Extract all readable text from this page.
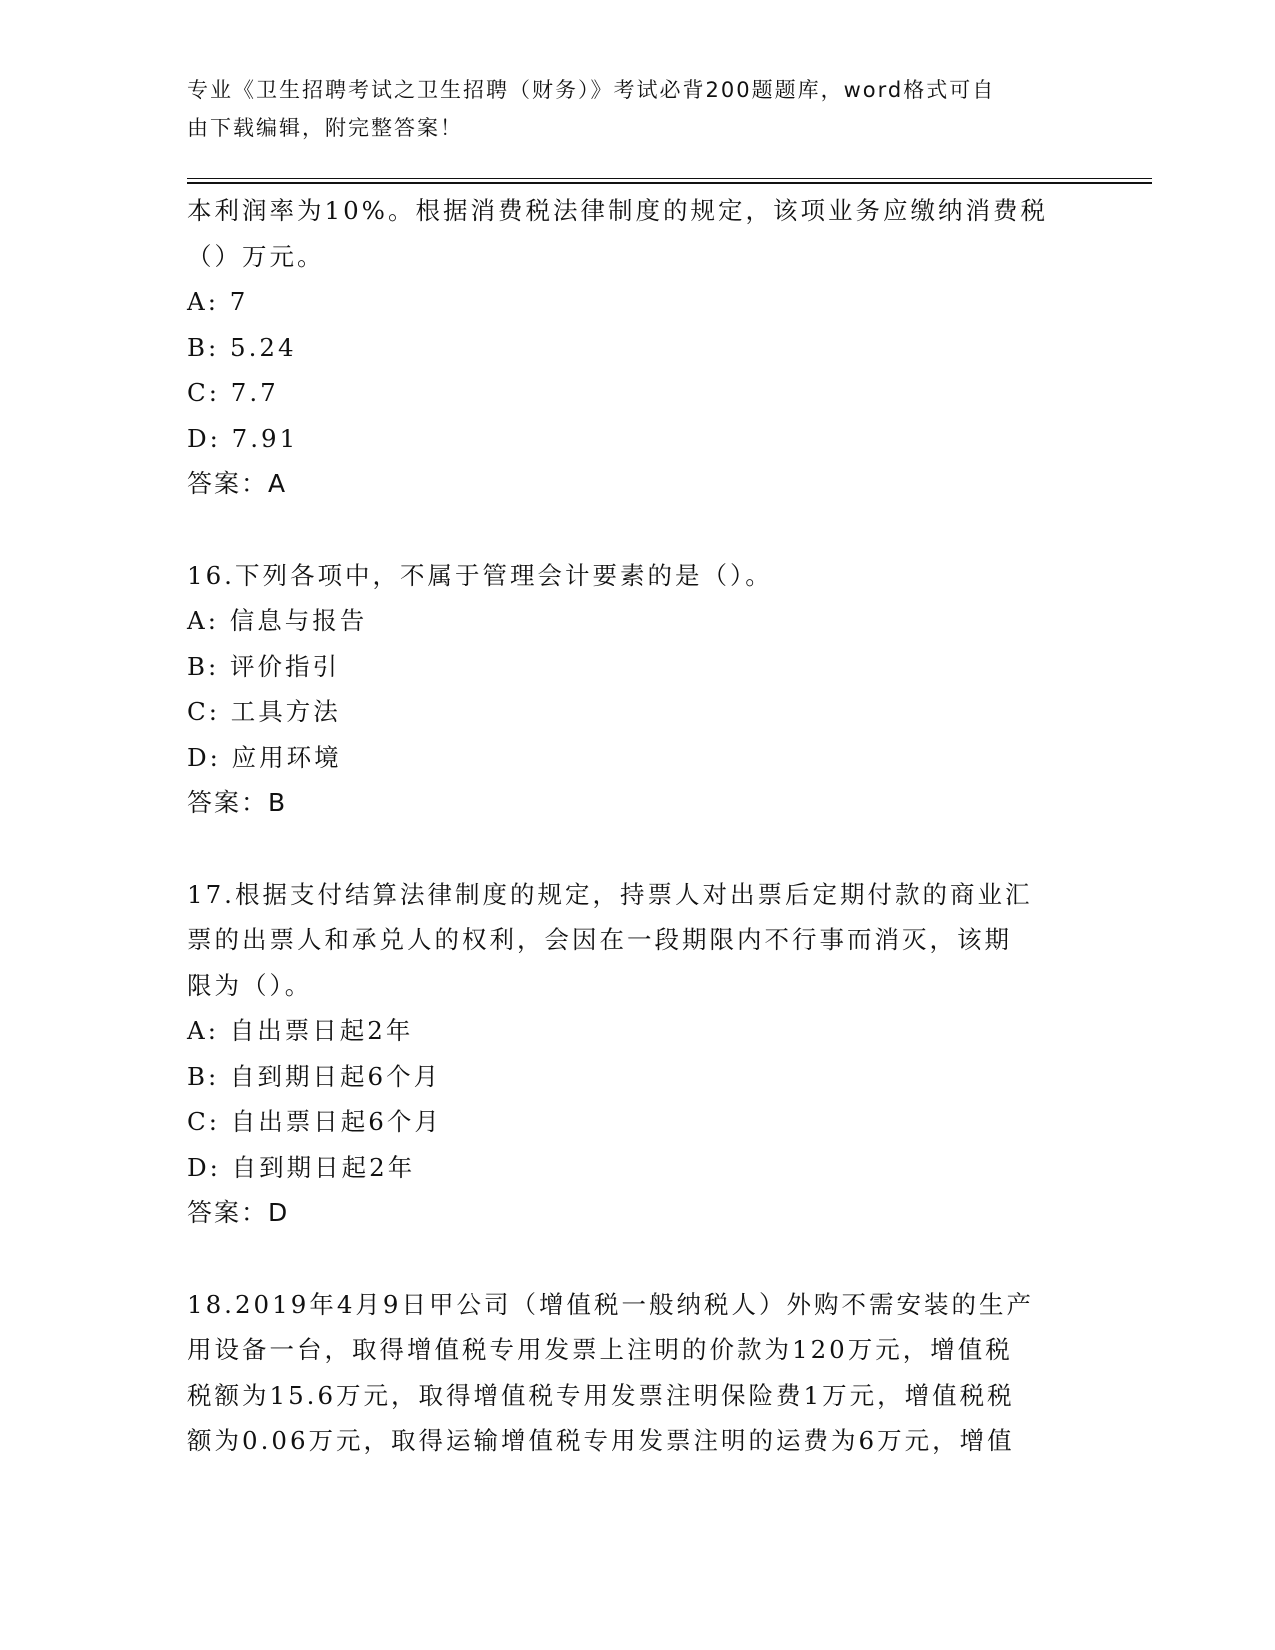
专业《卫生招聘考试之卫生招聘（财务）》考试必背200题题库，word格式可自
由下载编辑，附完整答案！
本利润率为10%。根据消费税法律制度的规定，该项业务应缴纳消费税
（）万元。
A: 7
B: 5.24
C: 7.7
D: 7.91
答案：A
16.下列各项中，不属于管理会计要素的是（）。
A: 信息与报告
B: 评价指引
C: 工具方法
D: 应用环境
答案：B
17.根据支付结算法律制度的规定，持票人对出票后定期付款的商业汇
票的出票人和承兑人的权利，会因在一段期限内不行事而消灭，该期
限为（）。
A: 自出票日起2年
B: 自到期日起6个月
C: 自出票日起6个月
D: 自到期日起2年
答案：D
18.2019年4月9日甲公司（增值税一般纳税人）外购不需安装的生产
用设备一台，取得增值税专用发票上注明的价款为120万元，增值税
税额为15.6万元，取得增值税专用发票注明保险费1万元，增值税税
额为0.06万元，取得运输增值税专用发票注明的运费为6万元，增值
